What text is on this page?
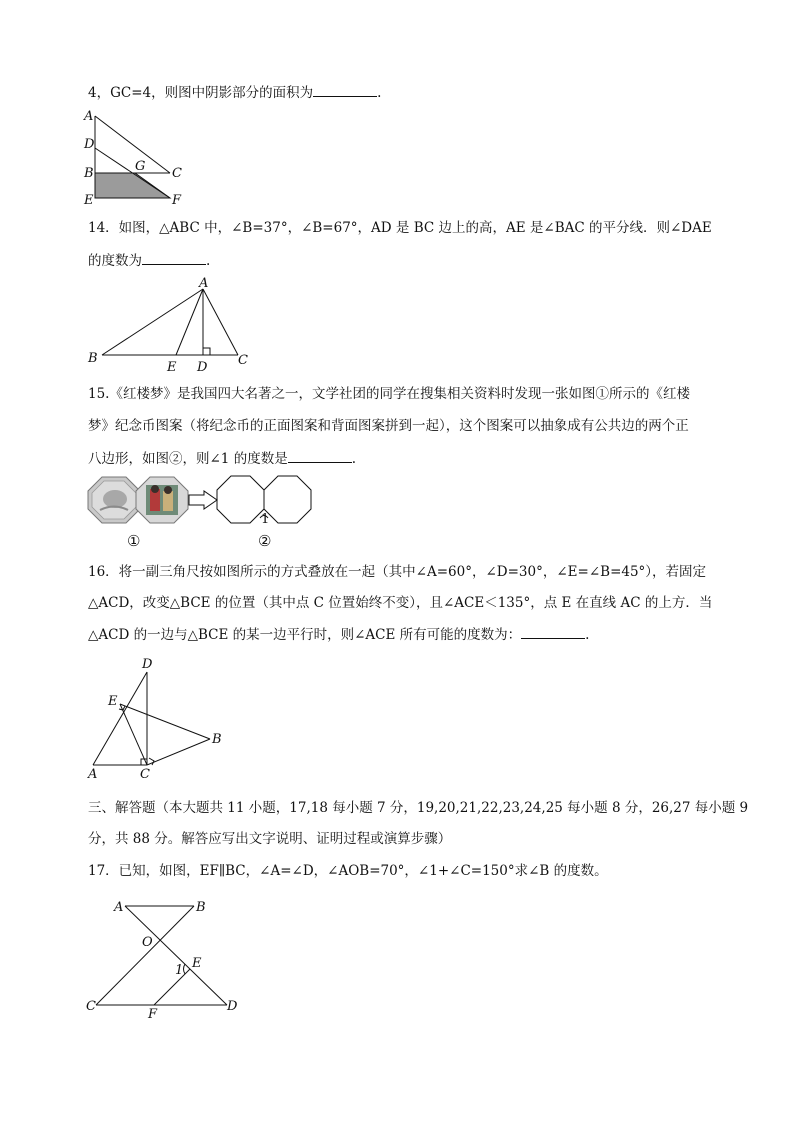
4，GC=4，则图中阴影部分的面积为	.
A
D
B	G C
E	F
14．如图，△ABC 中，∠B=37°，∠B=67°，AD 是 BC 边上的高，AE 是∠BAC 的平分线．则∠DAE
的度数为	.
A
B
E D C
15.《红楼梦》是我国四大名著之一，文学社团的同学在搜集相关资料时发现一张如图①所示的《红楼
梦》纪念币图案（将纪念币的正面图案和背面图案拼到一起），这个图案可以抽象成有公共边的两个正
八边形，如图②，则∠1 的度数是	.
1
①	②
16．将一副三角尺按如图所示的方式叠放在一起（其中∠A=60°，∠D=30°，∠E=∠B=45°），若固定
△ACD，改变△BCE 的位置（其中点 C 位置始终不变），且∠ACE＜135°，点 E 在直线 AC 的上方．当
△ACD 的一边与△BCE 的某一边平行时，则∠ACE 所有可能的度数为：	.
D
E
B
A	C
三、解答题（本大题共 11 小题，17,18 每小题 7 分，19,20,21,22,23,24,25 每小题 8 分，26,27 每小题 9
分，共 88 分。解答应写出文字说明、证明过程或演算步骤）
17．已知，如图，EF∥BC，∠A=∠D，∠AOB=70°，∠1+∠C=150°求∠B 的度数。
A	B
O
1 E
C
F
D
